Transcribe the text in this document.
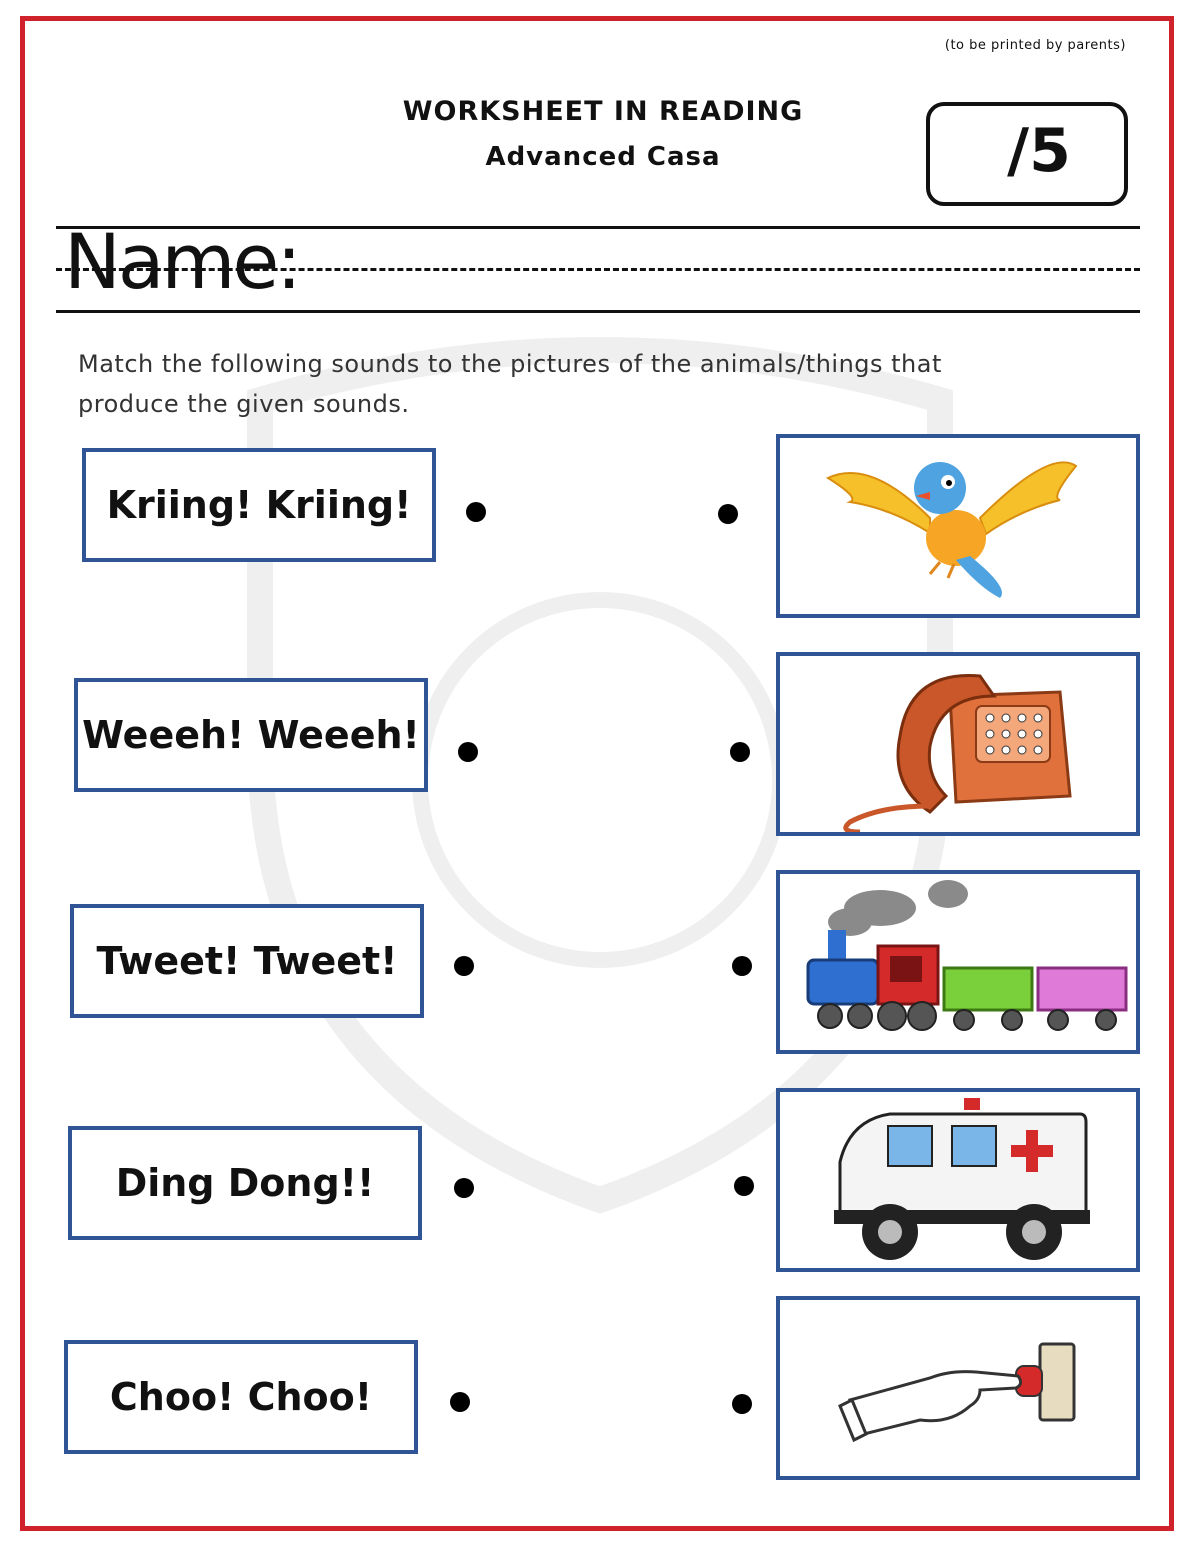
(to be printed by parents)
WORKSHEET IN READING
Advanced Casa	/5
Name:
Match the following sounds to the pictures of the animals/things that produce the given sounds.
Kriing! Kriing!
Weeeh! Weeeh!
Tweet! Tweet!
Ding Dong!!
Choo! Choo!
